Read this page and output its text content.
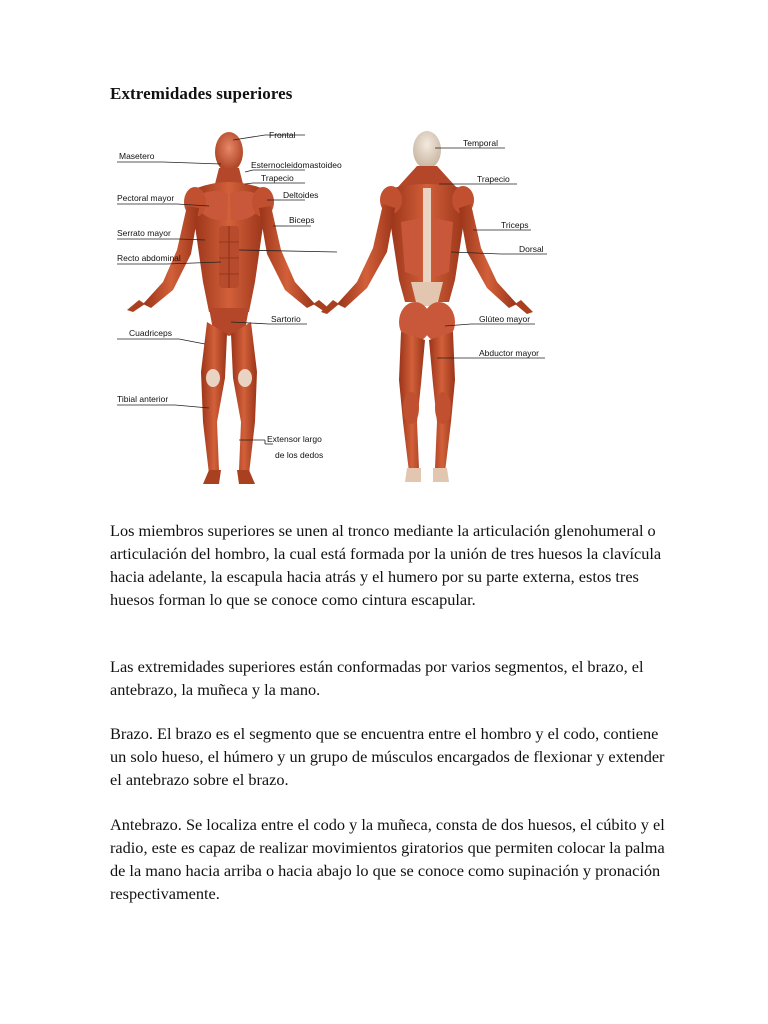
Extremidades superiores
Frontal
Masetero
Esternocleidomastoideo
Trapecio
Pectoral mayor	Deltoides
Biceps
Serrato mayor
Recto abdominal
Sartorio
Cuadriceps
Tibial anterior
Extensor largo
de los dedos
Temporal
Trapecio
Triceps
Dorsal
Glúteo mayor
Abductor mayor

Los miembros superiores se unen al tronco mediante la articulación glenohumeral o articulación del hombro, la cual está formada por la unión de tres huesos la clavícula hacia adelante, la escapula hacia atrás y el humero por su parte externa, estos tres huesos forman lo que se conoce como cintura escapular.

Las extremidades superiores están conformadas por varios segmentos, el brazo, el antebrazo, la muñeca y la mano.

Brazo. El brazo es el segmento que se encuentra entre el hombro y el codo, contiene un solo hueso, el húmero y un grupo de músculos encargados de flexionar y extender el antebrazo sobre el brazo.

Antebrazo. Se localiza entre el codo y la muñeca, consta de dos huesos, el cúbito y el radio, este es capaz de realizar movimientos giratorios que permiten colocar la palma de la mano hacia arriba o hacia abajo lo que se conoce como supinación y pronación respectivamente.
